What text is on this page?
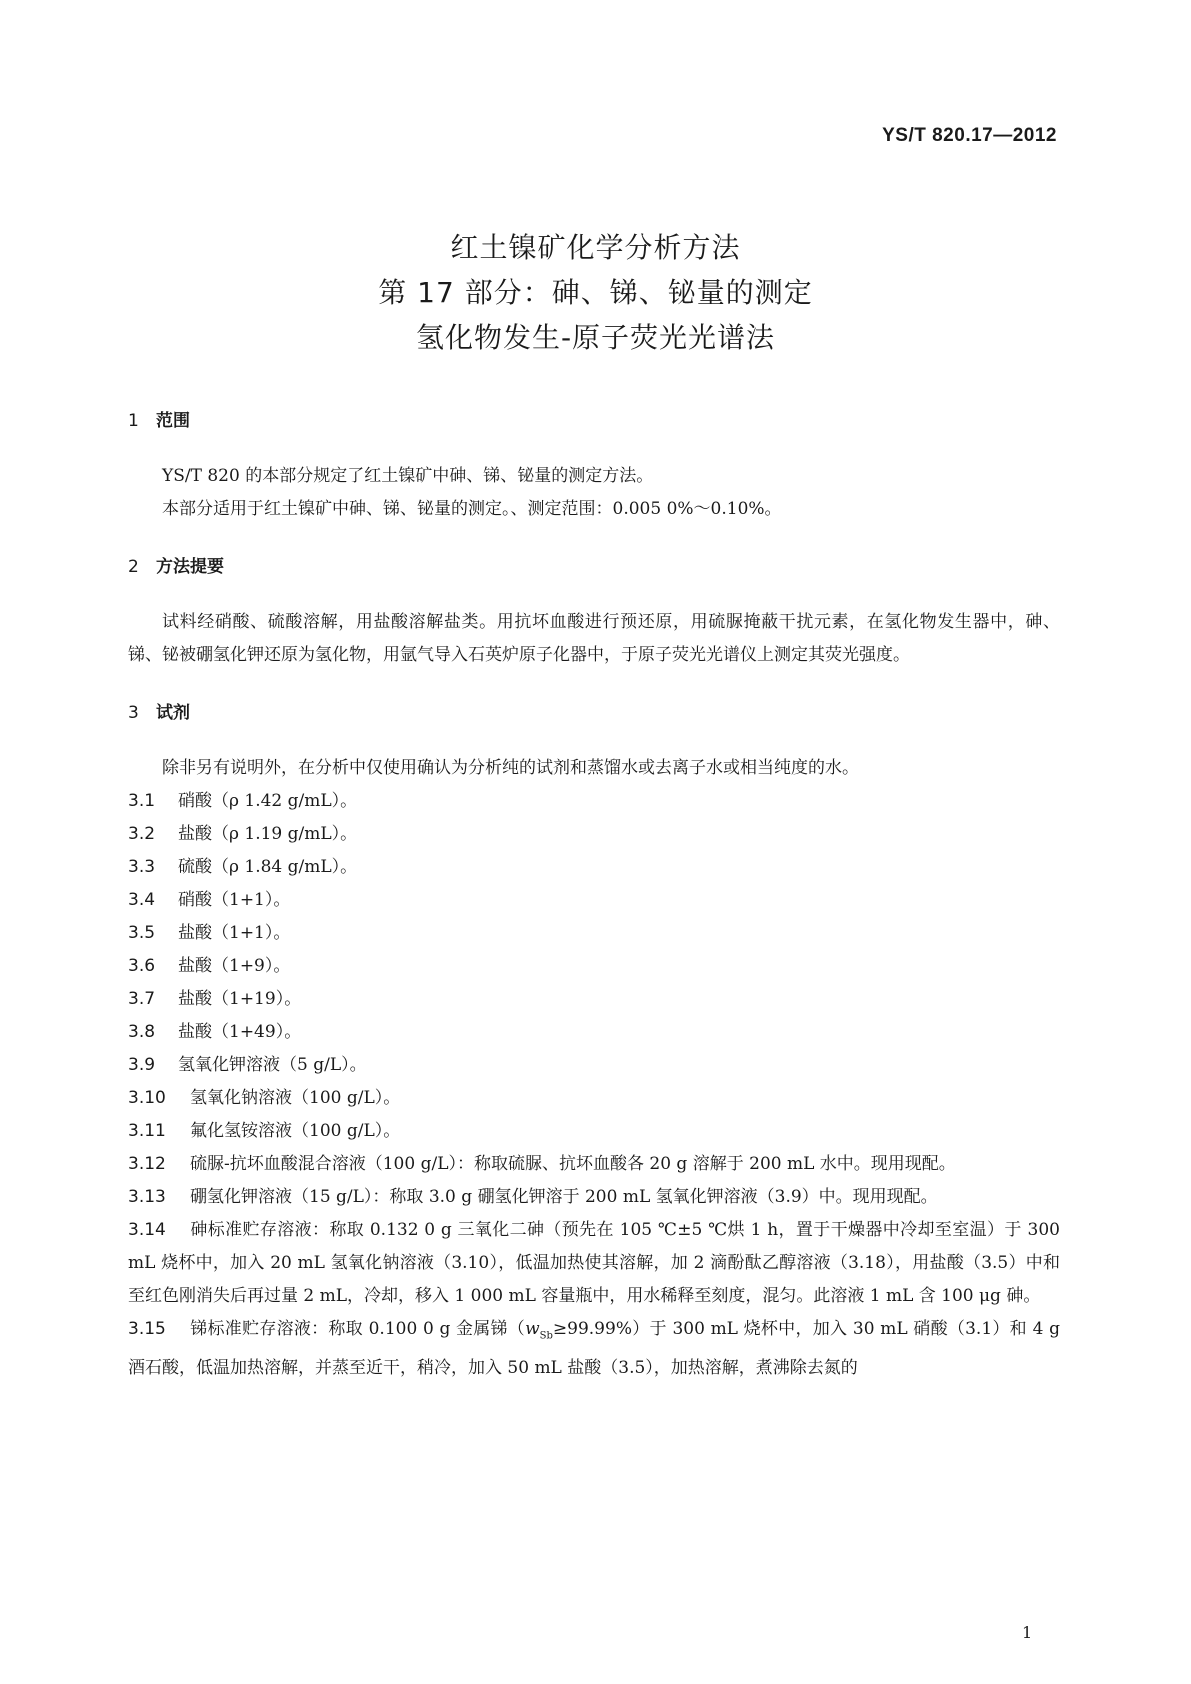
YS/T 820.17—2012
红土镍矿化学分析方法
第 17 部分：砷、锑、铋量的测定
氢化物发生-原子荧光光谱法
1 范围

YS/T 820 的本部分规定了红土镍矿中砷、锑、铋量的测定方法。

本部分适用于红土镍矿中砷、锑、铋量的测定。、测定范围：0.005 0%～0.10%。

2 方法提要

试料经硝酸、硫酸溶解，用盐酸溶解盐类。用抗坏血酸进行预还原，用硫脲掩蔽干扰元素，在氢化物发生器中，砷、锑、铋被硼氢化钾还原为氢化物，用氩气导入石英炉原子化器中，于原子荧光光谱仪上测定其荧光强度。

3 试剂

除非另有说明外，在分析中仅使用确认为分析纯的试剂和蒸馏水或去离子水或相当纯度的水。

3.1 硝酸（ρ 1.42 g/mL）。

3.2 盐酸（ρ 1.19 g/mL）。

3.3 硫酸（ρ 1.84 g/mL）。

3.4 硝酸（1+1）。

3.5 盐酸（1+1）。

3.6 盐酸（1+9）。

3.7 盐酸（1+19）。

3.8 盐酸（1+49）。

3.9 氢氧化钾溶液（5 g/L）。

3.10 氢氧化钠溶液（100 g/L）。

3.11 氟化氢铵溶液（100 g/L）。

3.12 硫脲-抗坏血酸混合溶液（100 g/L）：称取硫脲、抗坏血酸各 20 g 溶解于 200 mL 水中。现用现配。

3.13 硼氢化钾溶液（15 g/L）：称取 3.0 g 硼氢化钾溶于 200 mL 氢氧化钾溶液（3.9）中。现用现配。

3.14 砷标准贮存溶液：称取 0.132 0 g 三氧化二砷（预先在 105 ℃±5 ℃烘 1 h，置于干燥器中冷却至室温）于 300 mL 烧杯中，加入 20 mL 氢氧化钠溶液（3.10），低温加热使其溶解，加 2 滴酚酞乙醇溶液（3.18），用盐酸（3.5）中和至红色刚消失后再过量 2 mL，冷却，移入 1 000 mL 容量瓶中，用水稀释至刻度，混匀。此溶液 1 mL 含 100 μg 砷。

3.15 锑标准贮存溶液：称取 0.100 0 g 金属锑$(w_{Sb}\ge 99.99\%)$于 300 mL 烧杯中，加入 30 mL 硝酸（3.1）和 4 g 酒石酸，低温加热溶解，并蒸至近干，稍冷，加入 50 mL 盐酸（3.5），加热溶解，煮沸除去氮的

1
